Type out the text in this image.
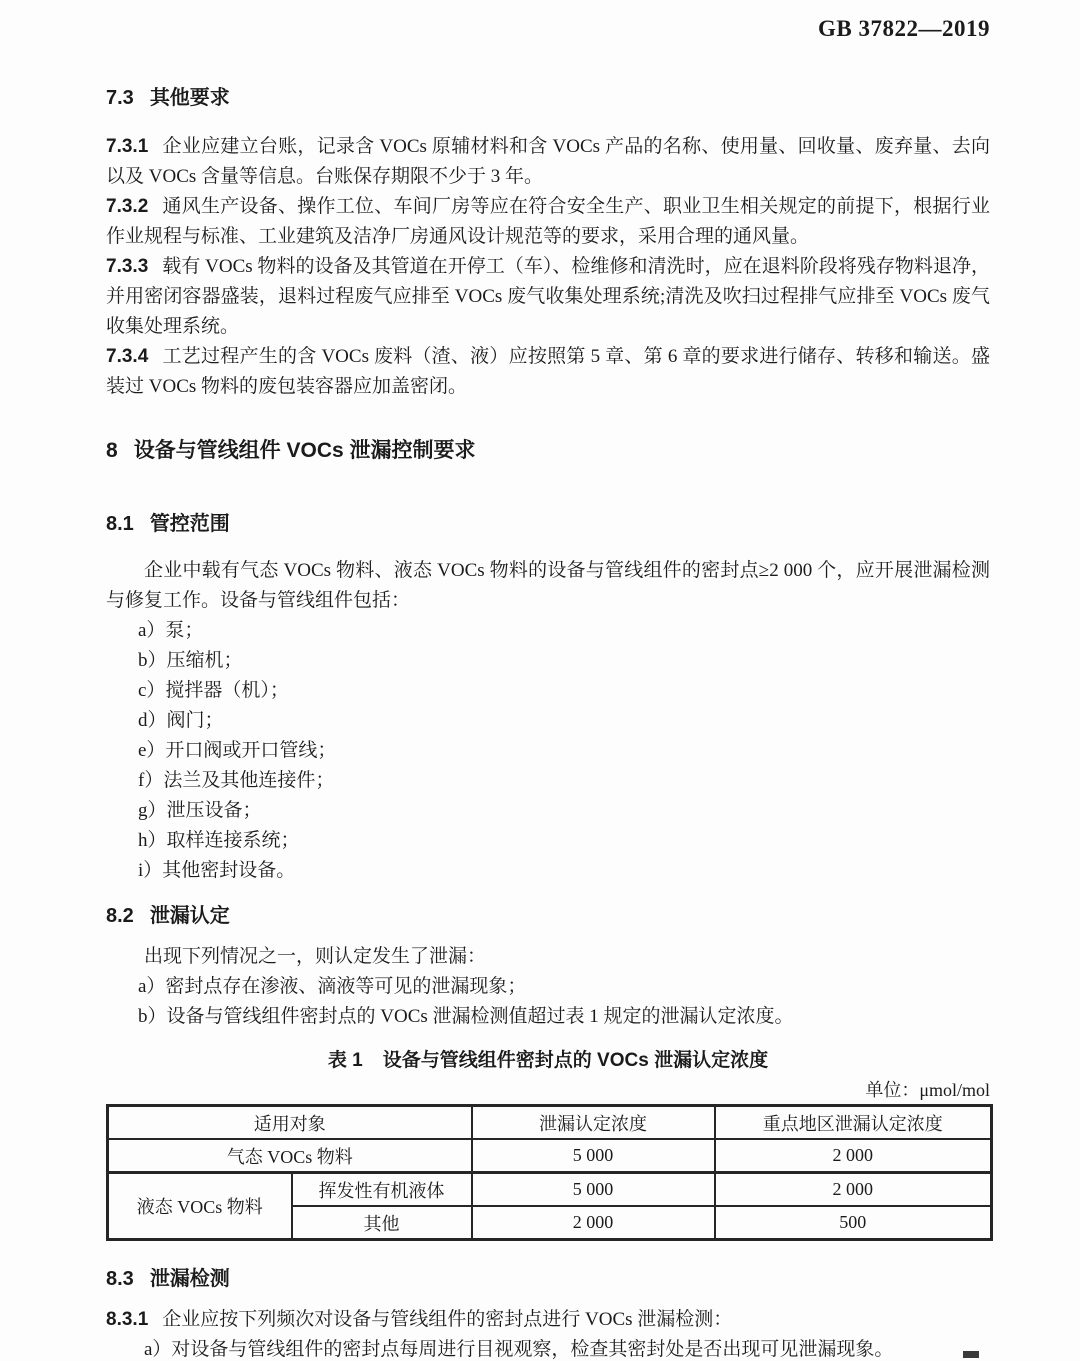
GB 37822—2019
7.3 其他要求

7.3.1 企业应建立台账，记录含 VOCs 原辅材料和含 VOCs 产品的名称、使用量、回收量、废弃量、去向以及 VOCs 含量等信息。台账保存期限不少于 3 年。

7.3.2 通风生产设备、操作工位、车间厂房等应在符合安全生产、职业卫生相关规定的前提下，根据行业作业规程与标准、工业建筑及洁净厂房通风设计规范等的要求，采用合理的通风量。

7.3.3 载有 VOCs 物料的设备及其管道在开停工（车）、检维修和清洗时，应在退料阶段将残存物料退净，并用密闭容器盛装，退料过程废气应排至 VOCs 废气收集处理系统;清洗及吹扫过程排气应排至 VOCs 废气收集处理系统。

7.3.4 工艺过程产生的含 VOCs 废料（渣、液）应按照第 5 章、第 6 章的要求进行储存、转移和输送。盛装过 VOCs 物料的废包装容器应加盖密闭。

8 设备与管线组件 VOCs 泄漏控制要求
8.1 管控范围

企业中载有气态 VOCs 物料、液态 VOCs 物料的设备与管线组件的密封点≥2 000 个，应开展泄漏检测与修复工作。设备与管线组件包括：

a）泵；
b）压缩机；
c）搅拌器（机）；
d）阀门；
e）开口阀或开口管线；
f）法兰及其他连接件；
g）泄压设备；
h）取样连接系统；
i）其他密封设备。
8.2 泄漏认定

出现下列情况之一，则认定发生了泄漏：

a）密封点存在渗液、滴液等可见的泄漏现象；
b）设备与管线组件密封点的 VOCs 泄漏检测值超过表 1 规定的泄漏认定浓度。
表 1 设备与管线组件密封点的 VOCs 泄漏认定浓度
单位：μmol/mol
适用对象		泄漏认定浓度	重点地区泄漏认定浓度
气态 VOCs 物料		5 000	2 000
液态 VOCs 物料	挥发性有机液体	5 000	2 000
	其他	2 000	500
8.3 泄漏检测

8.3.1 企业应按下列频次对设备与管线组件的密封点进行 VOCs 泄漏检测：

a）对设备与管线组件的密封点每周进行目视观察，检查其密封处是否出现可见泄漏现象。
